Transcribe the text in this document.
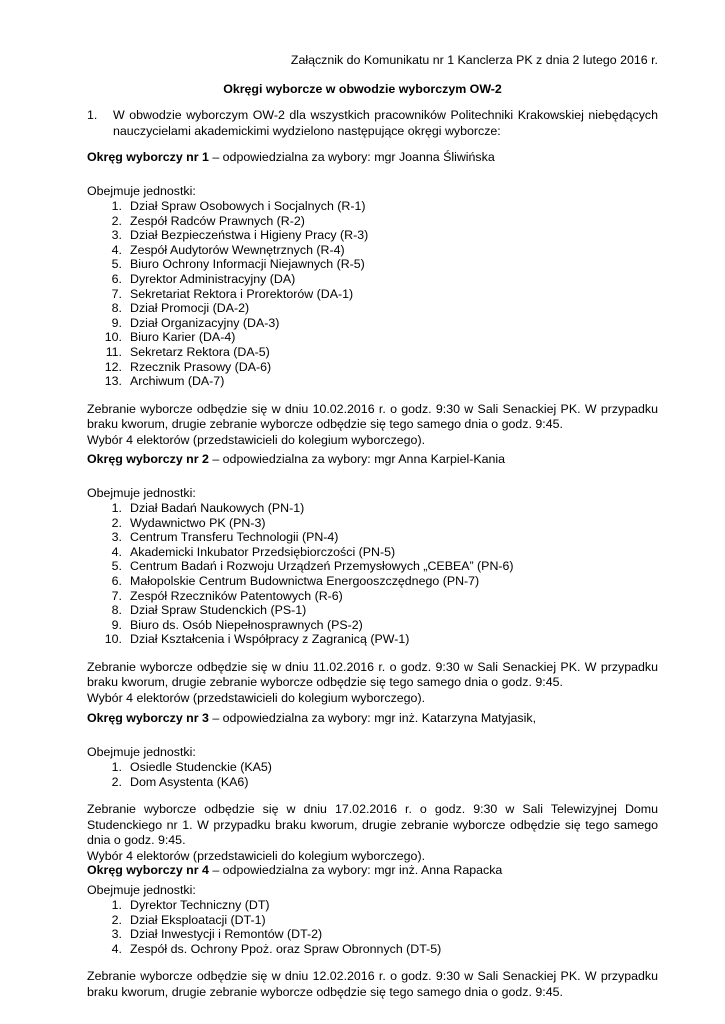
Załącznik do Komunikatu nr 1 Kanclerza PK z dnia 2 lutego 2016 r.
Okręgi wyborcze w obwodzie wyborczym OW-2
1. W obwodzie wyborczym OW-2 dla wszystkich pracowników Politechniki Krakowskiej niebędących nauczycielami akademickimi wydzielono następujące okręgi wyborcze:
Okręg wyborczy nr 1 – odpowiedzialna za wybory: mgr Joanna Śliwińska
Obejmuje jednostki:
1. Dział Spraw Osobowych i Socjalnych (R-1)
2. Zespół Radców Prawnych (R-2)
3. Dział Bezpieczeństwa i Higieny Pracy (R-3)
4. Zespół Audytorów Wewnętrznych (R-4)
5. Biuro Ochrony Informacji Niejawnych (R-5)
6. Dyrektor Administracyjny (DA)
7. Sekretariat Rektora i Prorektorów (DA-1)
8. Dział Promocji (DA-2)
9. Dział Organizacyjny (DA-3)
10. Biuro Karier (DA-4)
11. Sekretarz Rektora (DA-5)
12. Rzecznik Prasowy (DA-6)
13. Archiwum (DA-7)
Zebranie wyborcze odbędzie się w dniu 10.02.2016 r. o godz. 9:30 w Sali Senackiej PK. W przypadku braku kworum, drugie zebranie wyborcze odbędzie się tego samego dnia o godz. 9:45.
Wybór 4 elektorów (przedstawicieli do kolegium wyborczego).
Okręg wyborczy nr 2 – odpowiedzialna za wybory: mgr Anna Karpiel-Kania
Obejmuje jednostki:
1. Dział Badań Naukowych (PN-1)
2. Wydawnictwo PK (PN-3)
3. Centrum Transferu Technologii (PN-4)
4. Akademicki Inkubator Przedsiębiorczości (PN-5)
5. Centrum Badań i Rozwoju Urządzeń Przemysłowych „CEBEA” (PN-6)
6. Małopolskie Centrum Budownictwa Energooszczędnego (PN-7)
7. Zespół Rzeczników Patentowych (R-6)
8. Dział Spraw Studenckich (PS-1)
9. Biuro ds. Osób Niepełnosprawnych (PS-2)
10. Dział Kształcenia i Współpracy z Zagranicą (PW-1)
Zebranie wyborcze odbędzie się w dniu 11.02.2016 r. o godz. 9:30 w Sali Senackiej PK. W przypadku braku kworum, drugie zebranie wyborcze odbędzie się tego samego dnia o godz. 9:45.
Wybór 4 elektorów (przedstawicieli do kolegium wyborczego).
Okręg wyborczy nr 3 – odpowiedzialna za wybory: mgr inż. Katarzyna Matyjasik,
Obejmuje jednostki:
1. Osiedle Studenckie (KA5)
2. Dom Asystenta (KA6)
Zebranie wyborcze odbędzie się w dniu 17.02.2016 r. o godz. 9:30 w Sali Telewizyjnej Domu Studenckiego nr 1. W przypadku braku kworum, drugie zebranie wyborcze odbędzie się tego samego dnia o godz. 9:45.
Wybór 4 elektorów (przedstawicieli do kolegium wyborczego).
Okręg wyborczy nr 4 – odpowiedzialna za wybory: mgr inż. Anna Rapacka
Obejmuje jednostki:
1. Dyrektor Techniczny (DT)
2. Dział Eksploatacji (DT-1)
3. Dział Inwestycji i Remontów (DT-2)
4. Zespół ds. Ochrony Ppoż. oraz Spraw Obronnych (DT-5)
Zebranie wyborcze odbędzie się w dniu 12.02.2016 r. o godz. 9:30 w Sali Senackiej PK. W przypadku braku kworum, drugie zebranie wyborcze odbędzie się tego samego dnia o godz. 9:45.
